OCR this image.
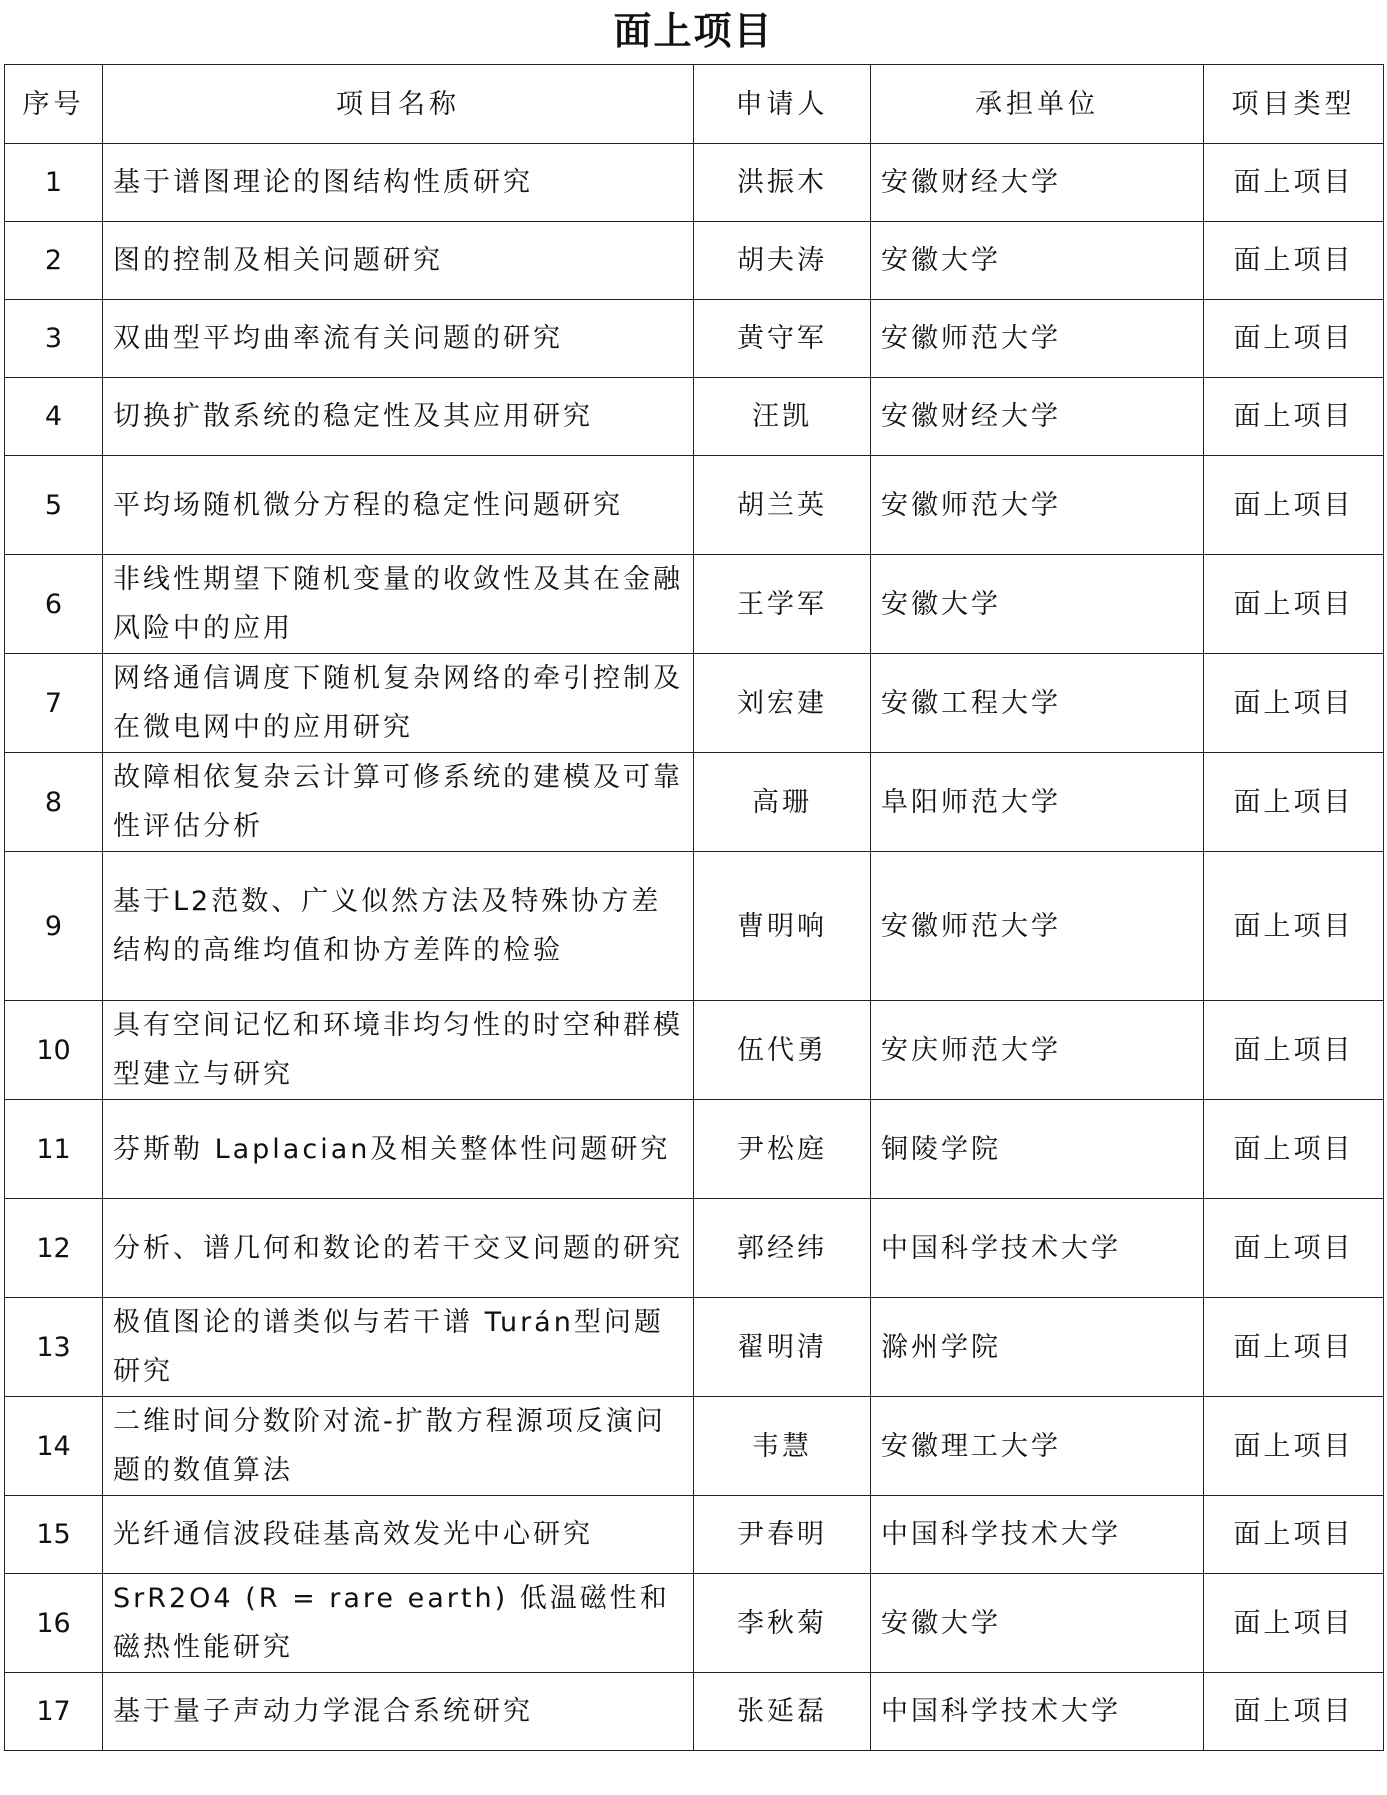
面上项目
序号	项目名称	申请人	承担单位	项目类型
1	基于谱图理论的图结构性质研究	洪振木	安徽财经大学	面上项目
2	图的控制及相关问题研究	胡夫涛	安徽大学	面上项目
3	双曲型平均曲率流有关问题的研究	黄守军	安徽师范大学	面上项目
4	切换扩散系统的稳定性及其应用研究	汪凯	安徽财经大学	面上项目
5	平均场随机微分方程的稳定性问题研究	胡兰英	安徽师范大学	面上项目
6	非线性期望下随机变量的收敛性及其在金融风险中的应用	王学军	安徽大学	面上项目
7	网络通信调度下随机复杂网络的牵引控制及在微电网中的应用研究	刘宏建	安徽工程大学	面上项目
8	故障相依复杂云计算可修系统的建模及可靠性评估分析	高珊	阜阳师范大学	面上项目
9	基于L2范数、广义似然方法及特殊协方差结构的高维均值和协方差阵的检验	曹明响	安徽师范大学	面上项目
10	具有空间记忆和环境非均匀性的时空种群模型建立与研究	伍代勇	安庆师范大学	面上项目
11	芬斯勒 Laplacian及相关整体性问题研究	尹松庭	铜陵学院	面上项目
12	分析、谱几何和数论的若干交叉问题的研究	郭经纬	中国科学技术大学	面上项目
13	极值图论的谱类似与若干谱 Turán型问题研究	翟明清	滁州学院	面上项目
14	二维时间分数阶对流-扩散方程源项反演问题的数值算法	韦慧	安徽理工大学	面上项目
15	光纤通信波段硅基高效发光中心研究	尹春明	中国科学技术大学	面上项目
16	SrR2O4 (R = rare earth) 低温磁性和磁热性能研究	李秋菊	安徽大学	面上项目
17	基于量子声动力学混合系统研究	张延磊	中国科学技术大学	面上项目
